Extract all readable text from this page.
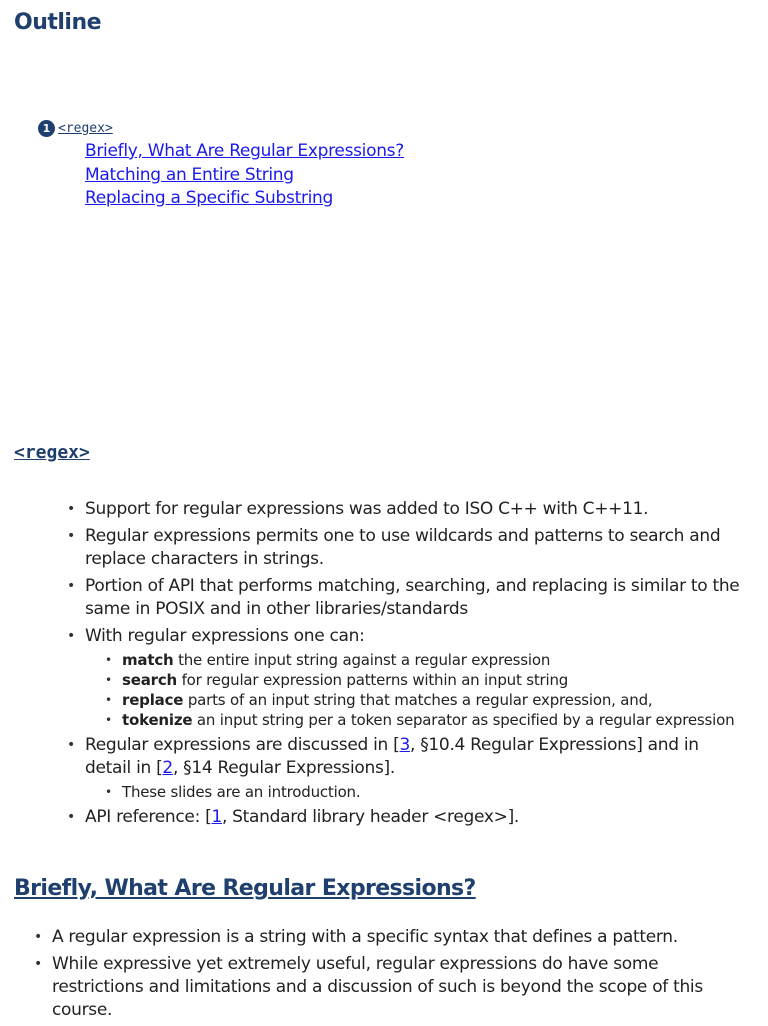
Outline
1 <regex>
Briefly, What Are Regular Expressions?
Matching an Entire String
Replacing a Specific Substring
<regex>
• Support for regular expressions was added to ISO C++ with C++11.
• Regular expressions permits one to use wildcards and patterns to search and replace characters in strings.
• Portion of API that performs matching, searching, and replacing is similar to the same in POSIX and in other libraries/standards
• With regular expressions one can:
• match the entire input string against a regular expression
• search for regular expression patterns within an input string
• replace parts of an input string that matches a regular expression, and,
• tokenize an input string per a token separator as specified by a regular expression
• Regular expressions are discussed in [3, §10.4 Regular Expressions] and in detail in [2, §14 Regular Expressions].
• These slides are an introduction.
• API reference: [1, Standard library header <regex>].
Briefly, What Are Regular Expressions?
• A regular expression is a string with a specific syntax that defines a pattern.
• While expressive yet extremely useful, regular expressions do have some restrictions and limitations and a discussion of such is beyond the scope of this course.
